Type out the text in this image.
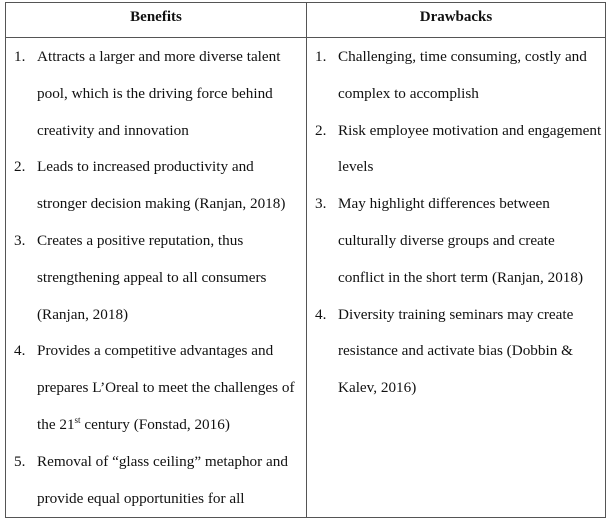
Benefits	Drawbacks
1. Attracts a larger and more diverse talent pool, which is the driving force behind creativity and innovation
2. Leads to increased productivity and stronger decision making (Ranjan, 2018)
3. Creates a positive reputation, thus strengthening appeal to all consumers (Ranjan, 2018)
4. Provides a competitive advantages and prepares L’Oreal to meet the challenges of the 21st century (Fonstad, 2016)
5. Removal of “glass ceiling” metaphor and provide equal opportunities for all
1. Challenging, time consuming, costly and complex to accomplish
2. Risk employee motivation and engagement levels
3. May highlight differences between culturally diverse groups and create conflict in the short term (Ranjan, 2018)
4. Diversity training seminars may create resistance and activate bias (Dobbin & Kalev, 2016)
